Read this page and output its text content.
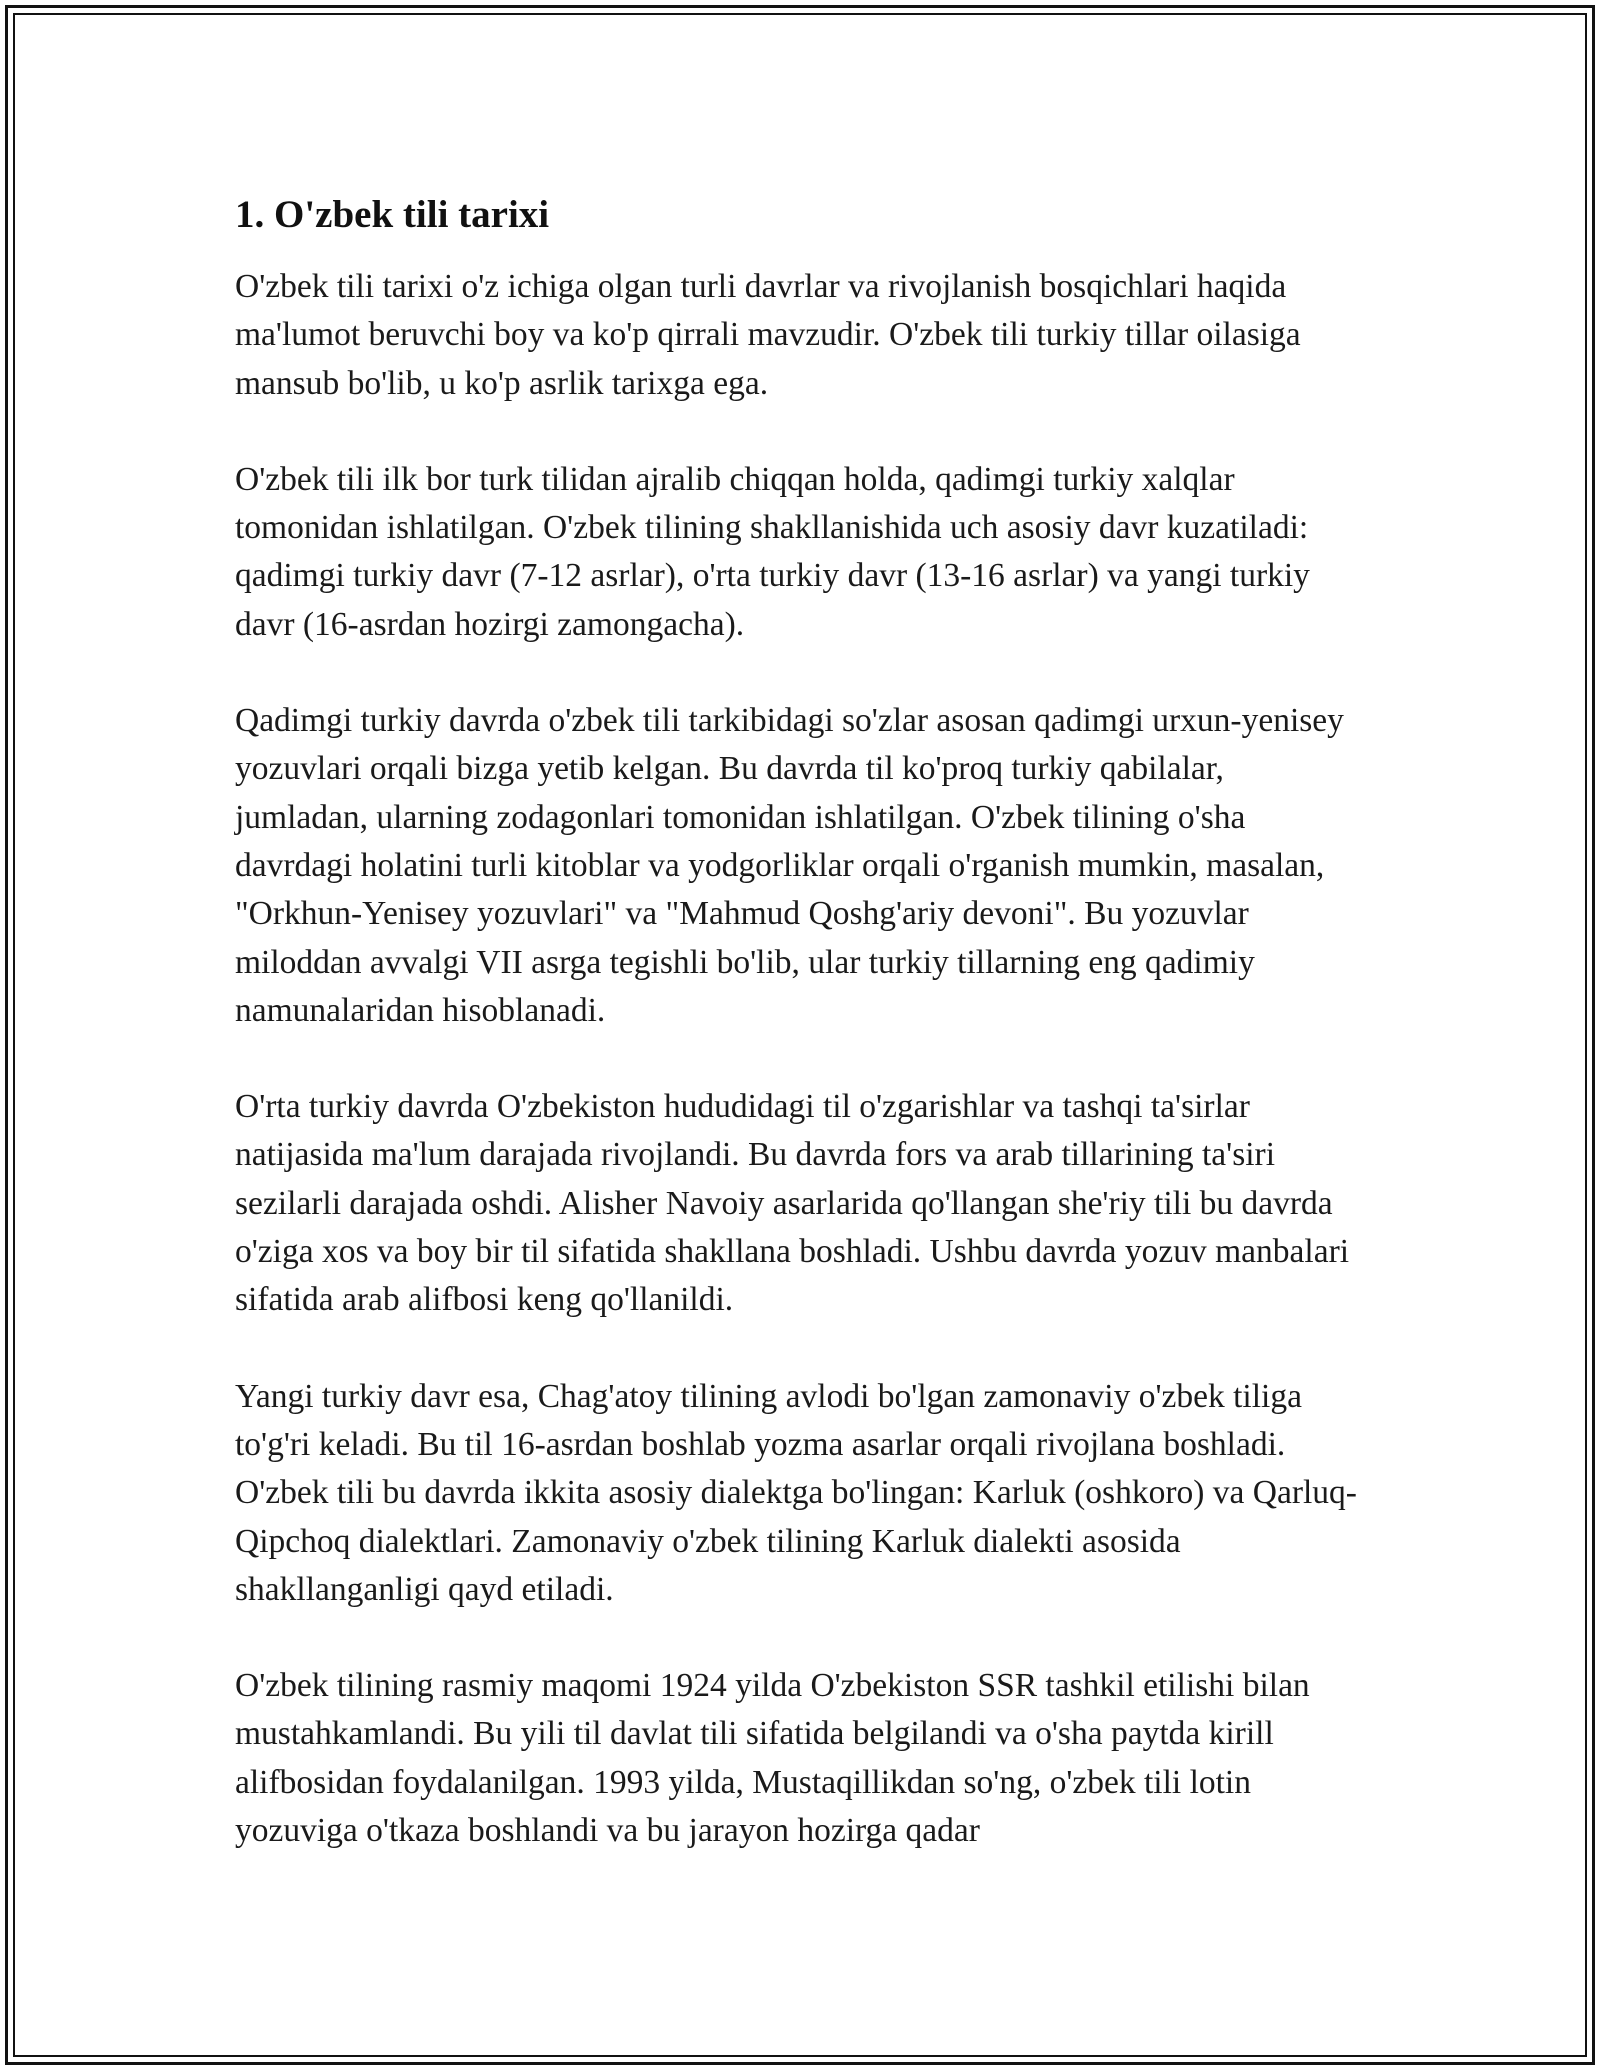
1. O'zbek tili tarixi

O'zbek tili tarixi o'z ichiga olgan turli davrlar va rivojlanish bosqichlari haqida ma'lumot beruvchi boy va ko'p qirrali mavzudir. O'zbek tili turkiy tillar oilasiga mansub bo'lib, u ko'p asrlik tarixga ega.

O'zbek tili ilk bor turk tilidan ajralib chiqqan holda, qadimgi turkiy xalqlar tomonidan ishlatilgan. O'zbek tilining shakllanishida uch asosiy davr kuzatiladi: qadimgi turkiy davr (7-12 asrlar), o'rta turkiy davr (13-16 asrlar) va yangi turkiy davr (16-asrdan hozirgi zamongacha).

Qadimgi turkiy davrda o'zbek tili tarkibidagi so'zlar asosan qadimgi urxun-yenisey yozuvlari orqali bizga yetib kelgan. Bu davrda til ko'proq turkiy qabilalar, jumladan, ularning zodagonlari tomonidan ishlatilgan. O'zbek tilining o'sha davrdagi holatini turli kitoblar va yodgorliklar orqali o'rganish mumkin, masalan, "Orkhun-Yenisey yozuvlari" va "Mahmud Qoshg'ariy devoni". Bu yozuvlar miloddan avvalgi VII asrga tegishli bo'lib, ular turkiy tillarning eng qadimiy namunalaridan hisoblanadi.

O'rta turkiy davrda O'zbekiston hududidagi til o'zgarishlar va tashqi ta'sirlar natijasida ma'lum darajada rivojlandi. Bu davrda fors va arab tillarining ta'siri sezilarli darajada oshdi. Alisher Navoiy asarlarida qo'llangan she'riy tili bu davrda o'ziga xos va boy bir til sifatida shakllana boshladi. Ushbu davrda yozuv manbalari sifatida arab alifbosi keng qo'llanildi.

Yangi turkiy davr esa, Chag'atoy tilining avlodi bo'lgan zamonaviy o'zbek tiliga to'g'ri keladi. Bu til 16-asrdan boshlab yozma asarlar orqali rivojlana boshladi. O'zbek tili bu davrda ikkita asosiy dialektga bo'lingan: Karluk (oshkoro) va Qarluq-Qipchoq dialektlari. Zamonaviy o'zbek tilining Karluk dialekti asosida shakllanganligi qayd etiladi.

O'zbek tilining rasmiy maqomi 1924 yilda O'zbekiston SSR tashkil etilishi bilan mustahkamlandi. Bu yili til davlat tili sifatida belgilandi va o'sha paytda kirill alifbosidan foydalanilgan. 1993 yilda, Mustaqillikdan so'ng, o'zbek tili lotin yozuviga o'tkaza boshlandi va bu jarayon hozirga qadar
